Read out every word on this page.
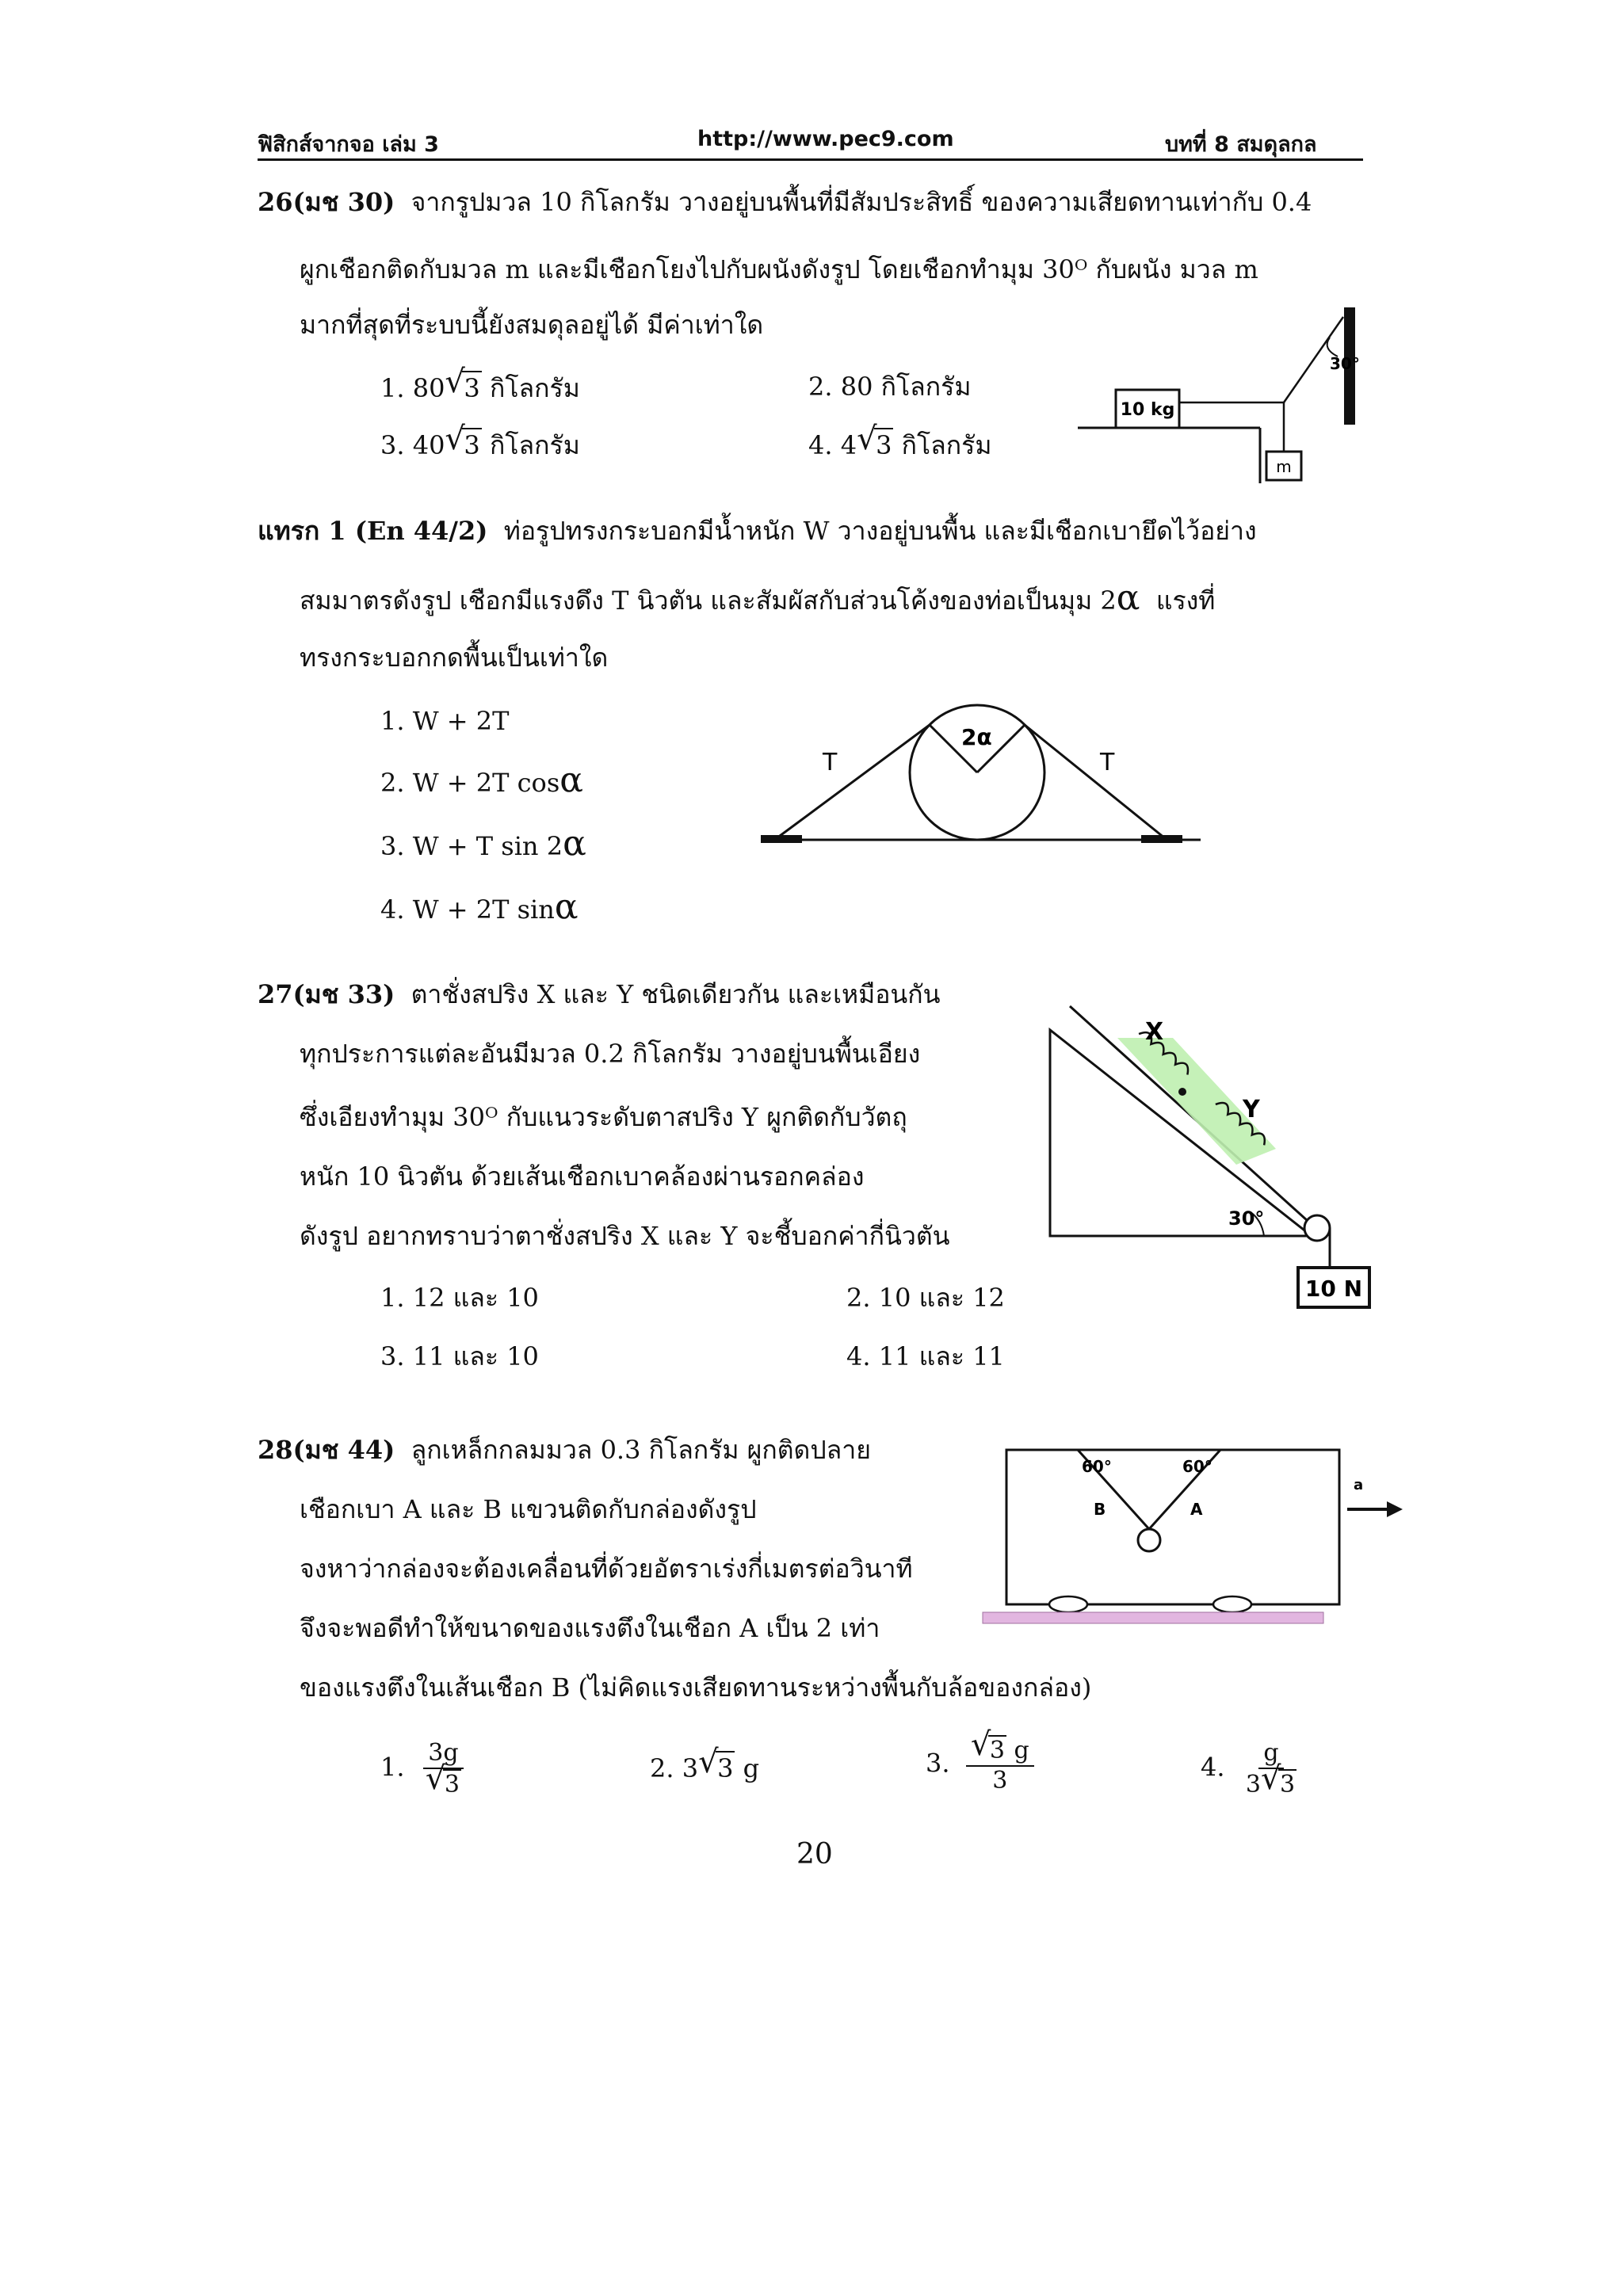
ฟิสิกส์จากจอ เล่ม 3	http://www.pec9.com	บทที่ 8 สมดุลกล
26(มช 30) จากรูปมวล 10 กิโลกรัม วางอยู่บนพื้นที่มีสัมประสิทธิ์ ของความเสียดทานเท่ากับ 0.4
ผูกเชือกติดกับมวล m และมีเชือกโยงไปกับผนังดังรูป โดยเชือกทำมุม 30ᴼ กับผนัง มวล m
มากที่สุดที่ระบบนี้ยังสมดุลอยู่ได้ มีค่าเท่าใด
1. 80 √ 3 กิโลกรัม	2. 80 กิโลกรัม
3. 40 √ 3 กิโลกรัม	4. 4 √ 3 กิโลกรัม
10 kg
m
30°
แทรก 1 (En 44/2) ท่อรูปทรงกระบอกมีน้ำหนัก W วางอยู่บนพื้น และมีเชือกเบายึดไว้อย่าง
สมมาตรดังรูป เชือกมีแรงดึง T นิวตัน และสัมผัสกับส่วนโค้งของท่อเป็นมุม 2α แรงที่
ทรงกระบอกกดพื้นเป็นเท่าใด
1. W + 2T
2. W + 2T cosα
3. W + T sin 2α
4. W + 2T sinα
T	T
2α
27(มช 33) ตาชั่งสปริง X และ Y ชนิดเดียวกัน และเหมือนกัน
ทุกประการแต่ละอันมีมวล 0.2 กิโลกรัม วางอยู่บนพื้นเอียง
ซึ่งเอียงทำมุม 30ᴼ กับแนวระดับตาสปริง Y ผูกติดกับวัตถุ
หนัก 10 นิวตัน ด้วยเส้นเชือกเบาคล้องผ่านรอกคล่อง
ดังรูป อยากทราบว่าตาชั่งสปริง X และ Y จะชี้บอกค่ากี่นิวตัน
1. 12 และ 10	2. 10 และ 12
3. 11 และ 10	4. 11 และ 11
X
Y
30°
10 N
28(มช 44) ลูกเหล็กกลมมวล 0.3 กิโลกรัม ผูกติดปลาย
เชือกเบา A และ B แขวนติดกับกล่องดังรูป
จงหาว่ากล่องจะต้องเคลื่อนที่ด้วยอัตราเร่งกี่เมตรต่อวินาที
จึงจะพอดีทำให้ขนาดของแรงตึงในเชือก A เป็น 2 เท่า
ของแรงตึงในเส้นเชือก B (ไม่คิดแรงเสียดทานระหว่างพื้นกับล้อของกล่อง)
1. 3g
√ 3	2. 3 √ 3 g	3. √ $\frac{3 g}{3}$	4. $\frac{g}{3 √ 3}$
60°	60°
B	A
a
20
